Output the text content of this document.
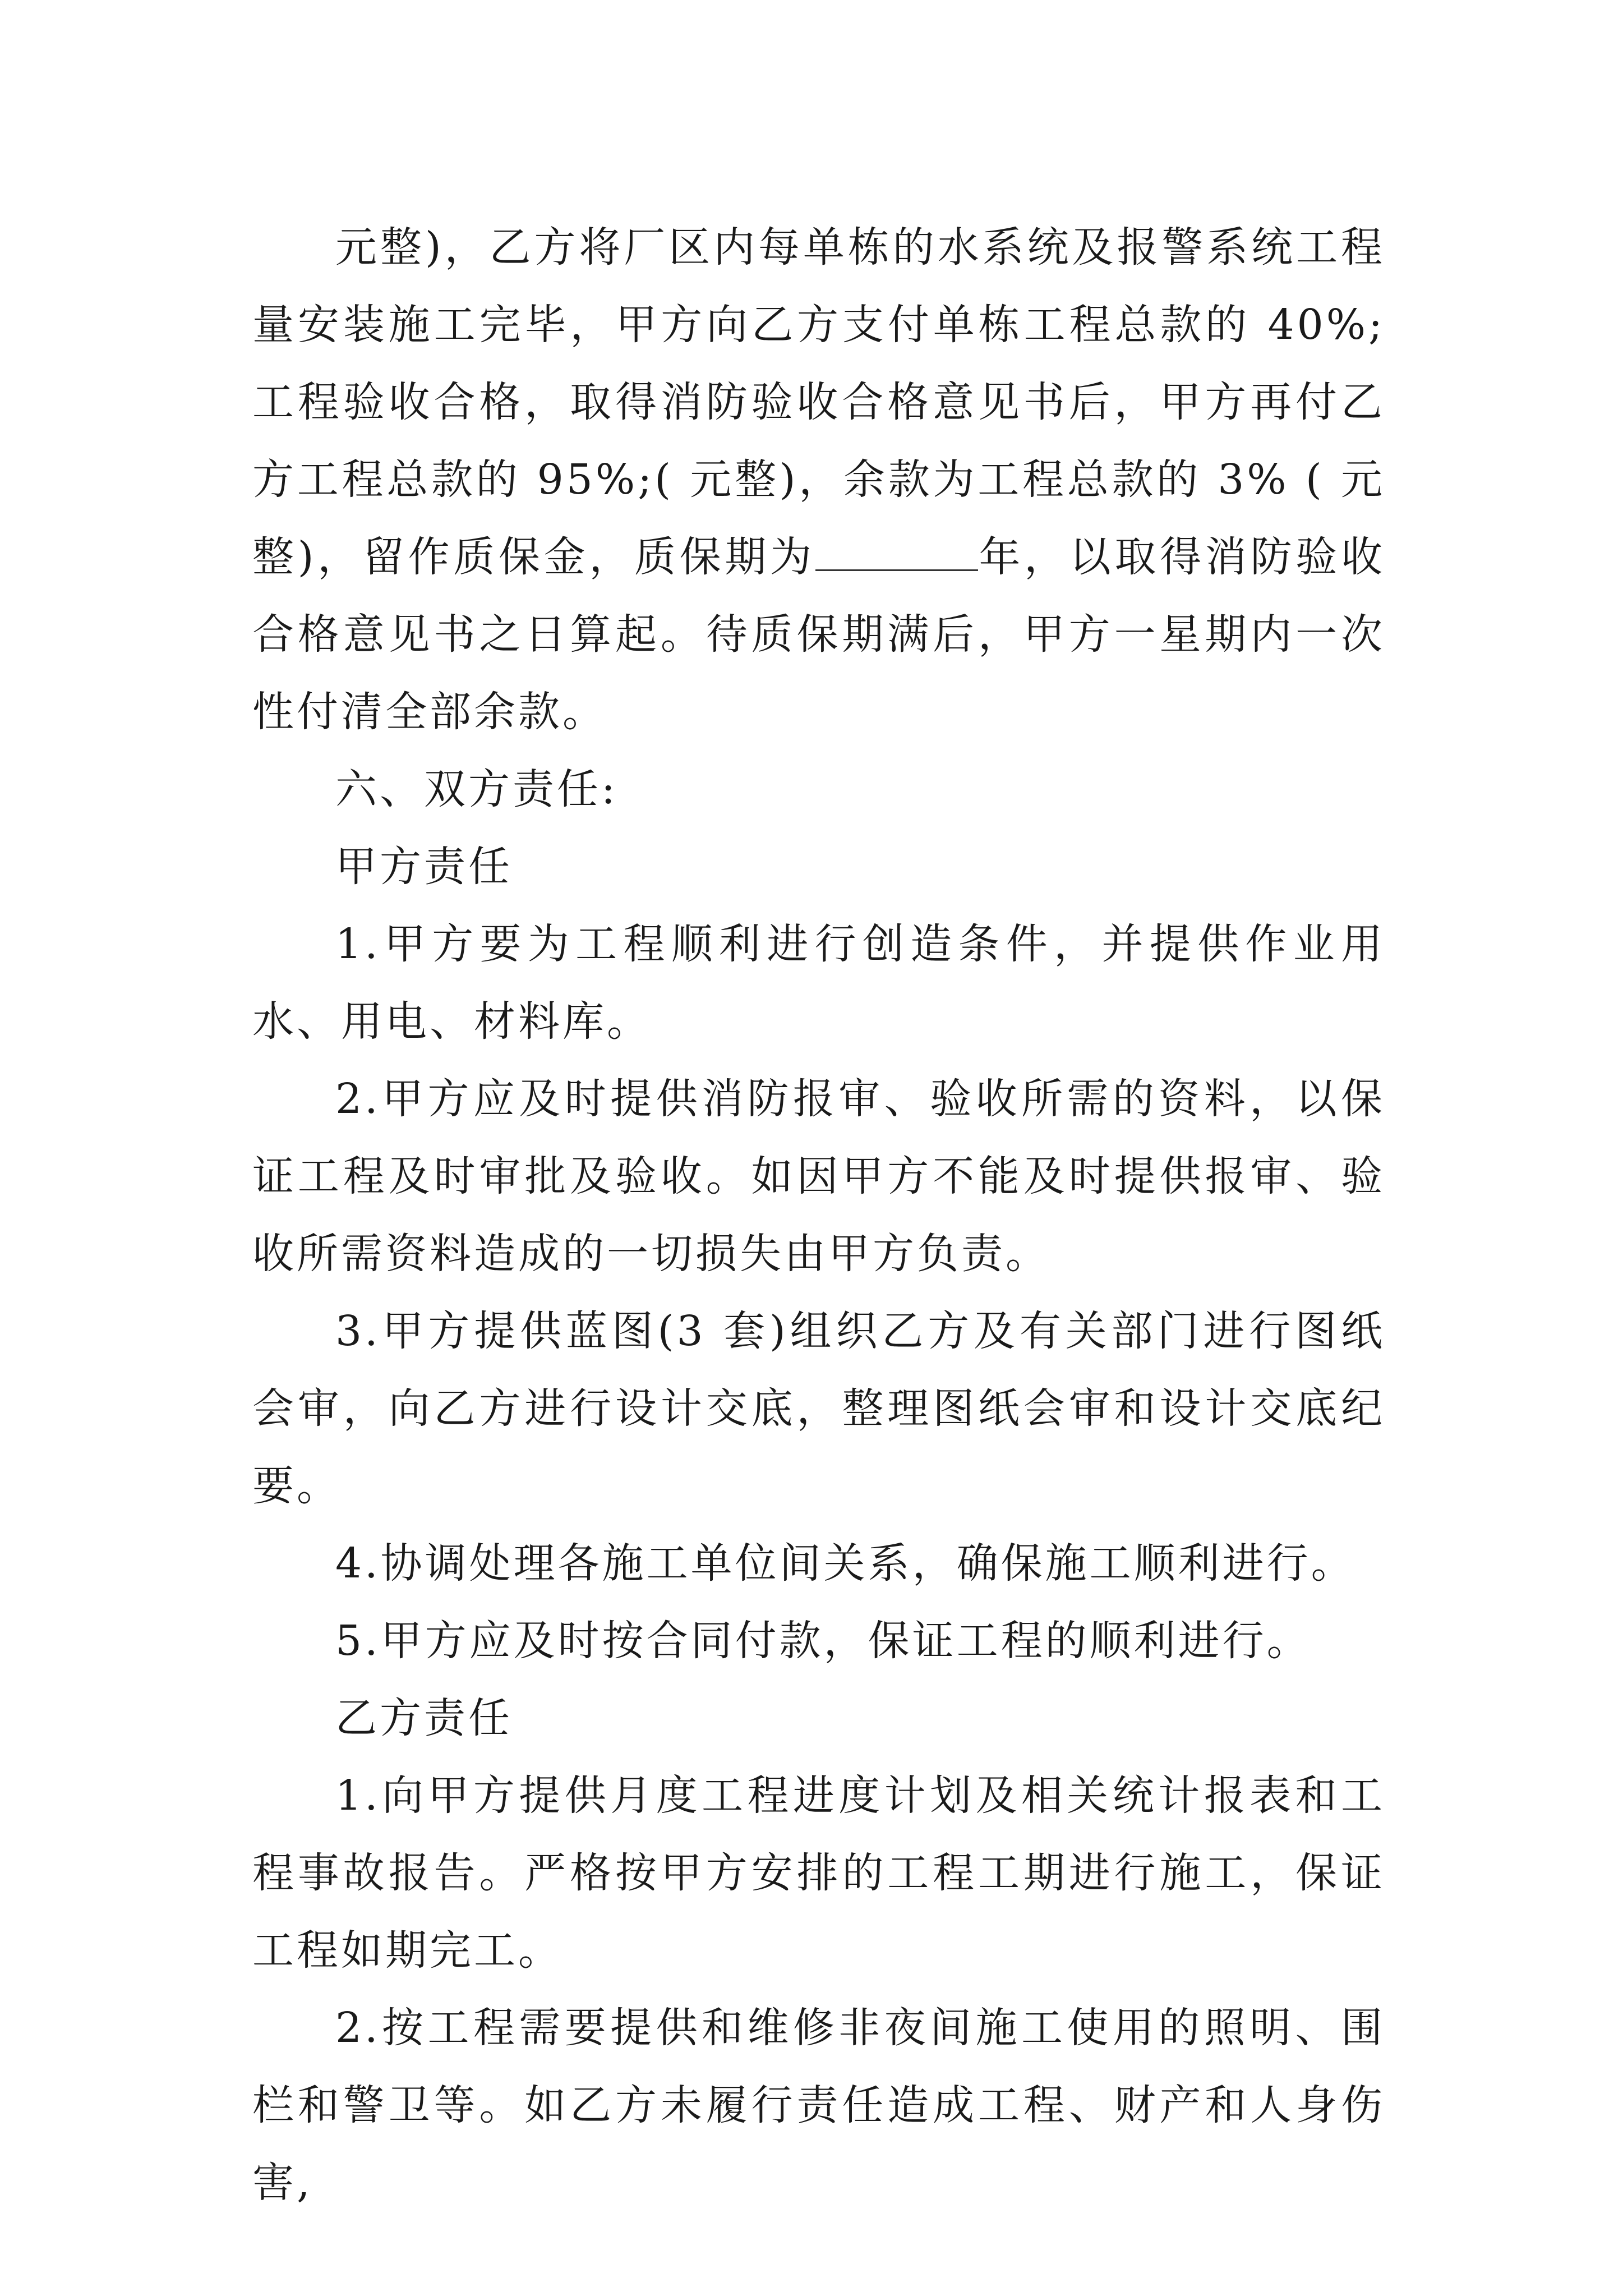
元整)，乙方将厂区内每单栋的水系统及报警系统工程量安装施工完毕，甲方向乙方支付单栋工程总款的 40%;工程验收合格，取得消防验收合格意见书后，甲方再付乙方工程总款的 95%;( 元整)，余款为工程总款的 3% ( 元整)，留作质保金，质保期为	年，以取得消防验收合格意见书之日算起。待质保期满后，甲方一星期内一次性付清全部余款。

六、双方责任:

甲方责任

1.甲方要为工程顺利进行创造条件，并提供作业用水、用电、材料库。

2.甲方应及时提供消防报审、验收所需的资料，以保证工程及时审批及验收。如因甲方不能及时提供报审、验收所需资料造成的一切损失由甲方负责。

3.甲方提供蓝图(3 套)组织乙方及有关部门进行图纸会审，向乙方进行设计交底，整理图纸会审和设计交底纪要。

4.协调处理各施工单位间关系，确保施工顺利进行。

5.甲方应及时按合同付款，保证工程的顺利进行。

乙方责任

1.向甲方提供月度工程进度计划及相关统计报表和工程事故报告。严格按甲方安排的工程工期进行施工，保证工程如期完工。

2.按工程需要提供和维修非夜间施工使用的照明、围栏和警卫等。如乙方未履行责任造成工程、财产和人身伤害,
